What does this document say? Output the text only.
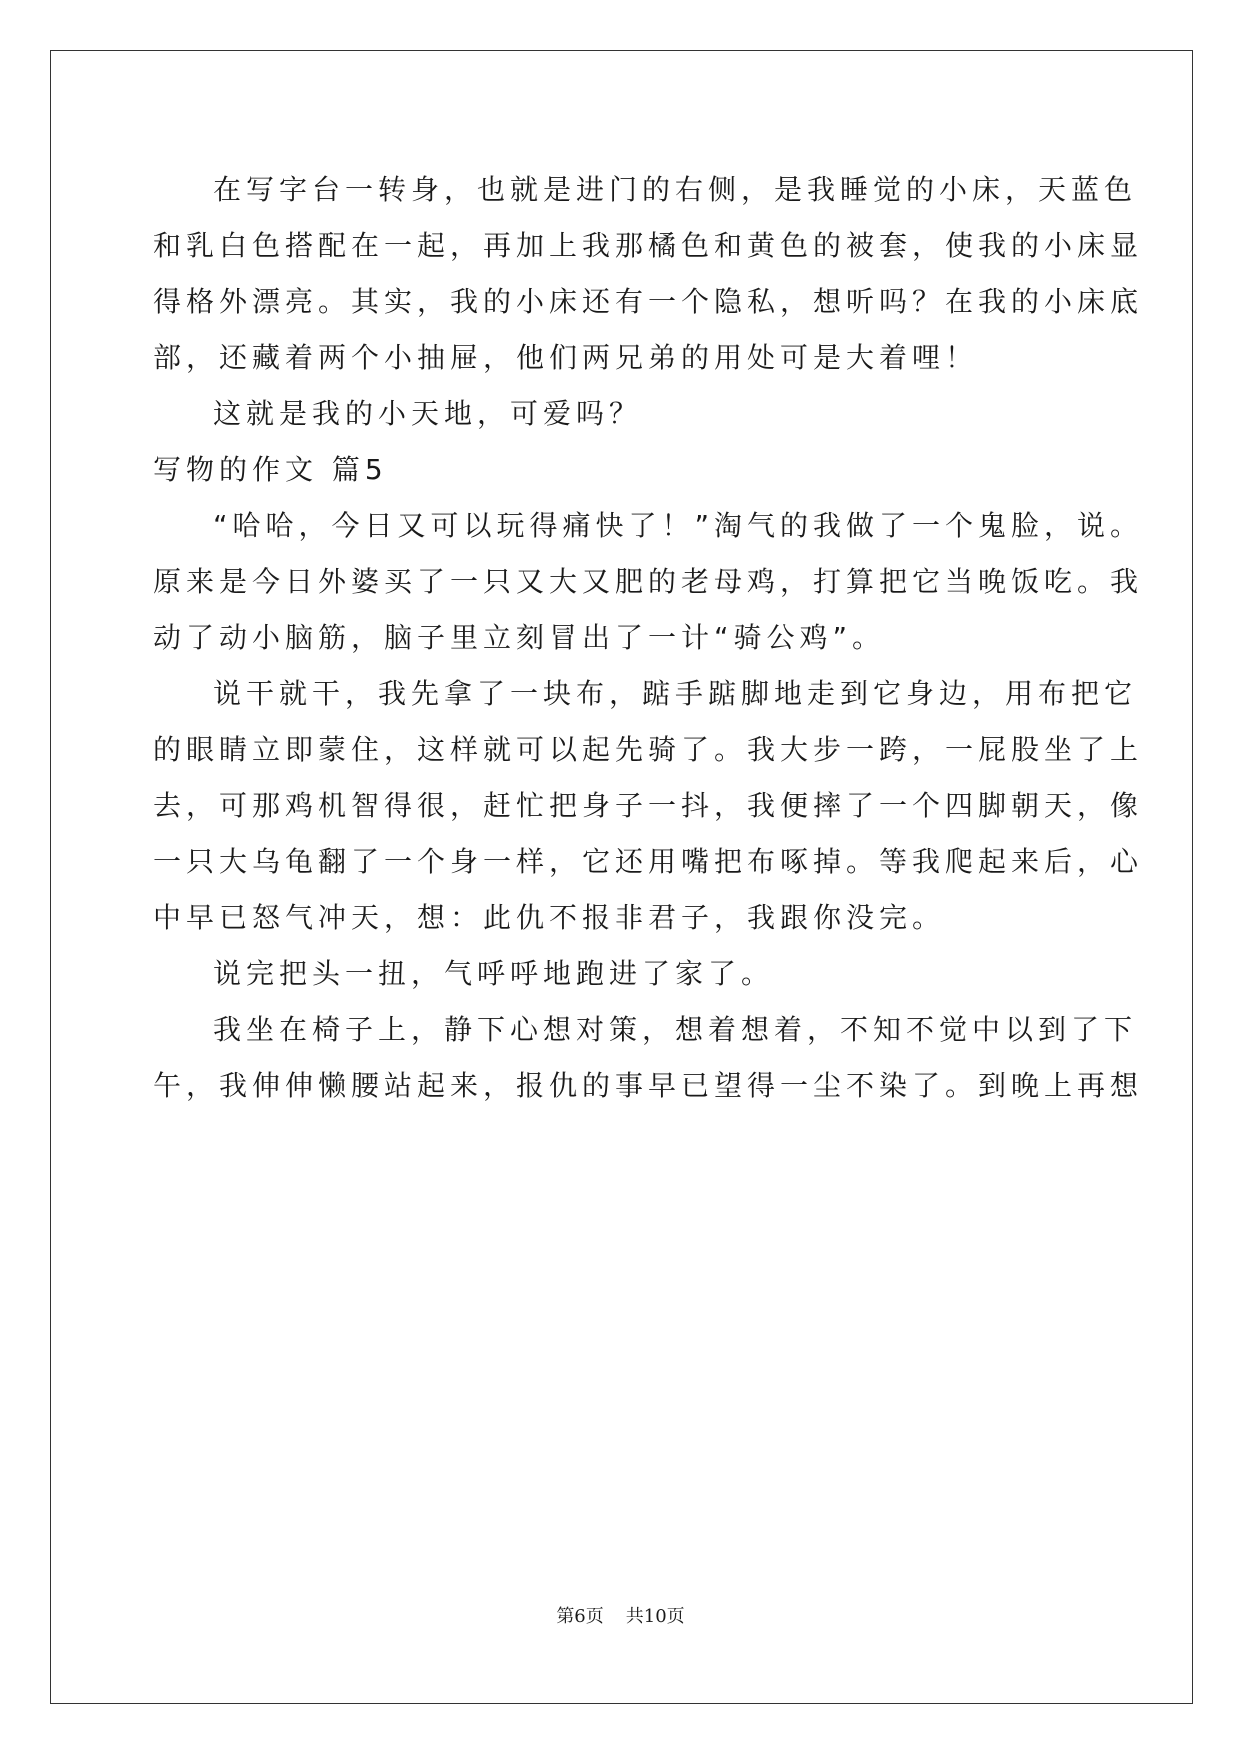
在写字台一转身，也就是进门的右侧，是我睡觉的小床，天蓝色
和乳白色搭配在一起，再加上我那橘色和黄色的被套，使我的小床显
得格外漂亮。其实，我的小床还有一个隐私，想听吗？在我的小床底
部，还藏着两个小抽屉，他们两兄弟的用处可是大着哩！
这就是我的小天地，可爱吗？
写物的作文 篇5
“哈哈，今日又可以玩得痛快了！”淘气的我做了一个鬼脸，说。
原来是今日外婆买了一只又大又肥的老母鸡，打算把它当晚饭吃。我
动了动小脑筋，脑子里立刻冒出了一计“骑公鸡”。
说干就干，我先拿了一块布，踮手踮脚地走到它身边，用布把它
的眼睛立即蒙住，这样就可以起先骑了。我大步一跨，一屁股坐了上
去，可那鸡机智得很，赶忙把身子一抖，我便摔了一个四脚朝天，像
一只大乌龟翻了一个身一样，它还用嘴把布啄掉。等我爬起来后，心
中早已怒气冲天，想：此仇不报非君子，我跟你没完。
说完把头一扭，气呼呼地跑进了家了。
我坐在椅子上，静下心想对策，想着想着，不知不觉中以到了下
午，我伸伸懒腰站起来，报仇的事早已望得一尘不染了。到晚上再想
第6页 共10页
